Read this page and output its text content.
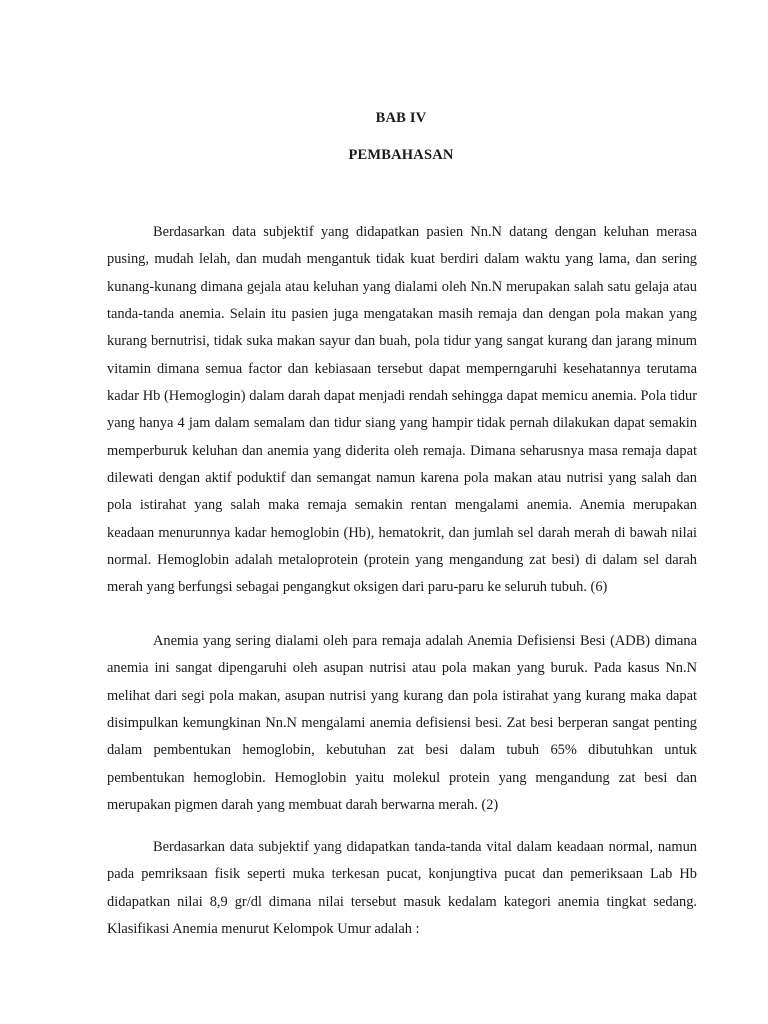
BAB IV
PEMBAHASAN

Berdasarkan data subjektif yang didapatkan pasien Nn.N datang dengan keluhan merasa pusing, mudah lelah, dan mudah mengantuk tidak kuat berdiri dalam waktu yang lama, dan sering kunang-kunang dimana gejala atau keluhan yang dialami oleh Nn.N merupakan salah satu gelaja atau tanda-tanda anemia. Selain itu pasien juga mengatakan masih remaja dan dengan pola makan yang kurang bernutrisi, tidak suka makan sayur dan buah, pola tidur yang sangat kurang dan jarang minum vitamin dimana semua factor dan kebiasaan tersebut dapat memperngaruhi kesehatannya terutama kadar Hb (Hemoglogin) dalam darah dapat menjadi rendah sehingga dapat memicu anemia. Pola tidur yang hanya 4 jam dalam semalam dan tidur siang yang hampir tidak pernah dilakukan dapat semakin memperburuk keluhan dan anemia yang diderita oleh remaja. Dimana seharusnya masa remaja dapat dilewati dengan aktif poduktif dan semangat namun karena pola makan atau nutrisi yang salah dan pola istirahat yang salah maka remaja semakin rentan mengalami anemia. Anemia merupakan keadaan menurunnya kadar hemoglobin (Hb), hematokrit, dan jumlah sel darah merah di bawah nilai normal. Hemoglobin adalah metaloprotein (protein yang mengandung zat besi) di dalam sel darah merah yang berfungsi sebagai pengangkut oksigen dari paru-paru ke seluruh tubuh. (6)

Anemia yang sering dialami oleh para remaja adalah Anemia Defisiensi Besi (ADB) dimana anemia ini sangat dipengaruhi oleh asupan nutrisi atau pola makan yang buruk. Pada kasus Nn.N melihat dari segi pola makan, asupan nutrisi yang kurang dan pola istirahat yang kurang maka dapat disimpulkan kemungkinan Nn.N mengalami anemia defisiensi besi. Zat besi berperan sangat penting dalam pembentukan hemoglobin, kebutuhan zat besi dalam tubuh 65% dibutuhkan untuk pembentukan hemoglobin. Hemoglobin yaitu molekul protein yang mengandung zat besi dan merupakan pigmen darah yang membuat darah berwarna merah. (2)

Berdasarkan data subjektif yang didapatkan tanda-tanda vital dalam keadaan normal, namun pada pemriksaan fisik seperti muka terkesan pucat, konjungtiva pucat dan pemeriksaan Lab Hb didapatkan nilai 8,9 gr/dl dimana nilai tersebut masuk kedalam kategori anemia tingkat sedang. Klasifikasi Anemia menurut Kelompok Umur adalah :
